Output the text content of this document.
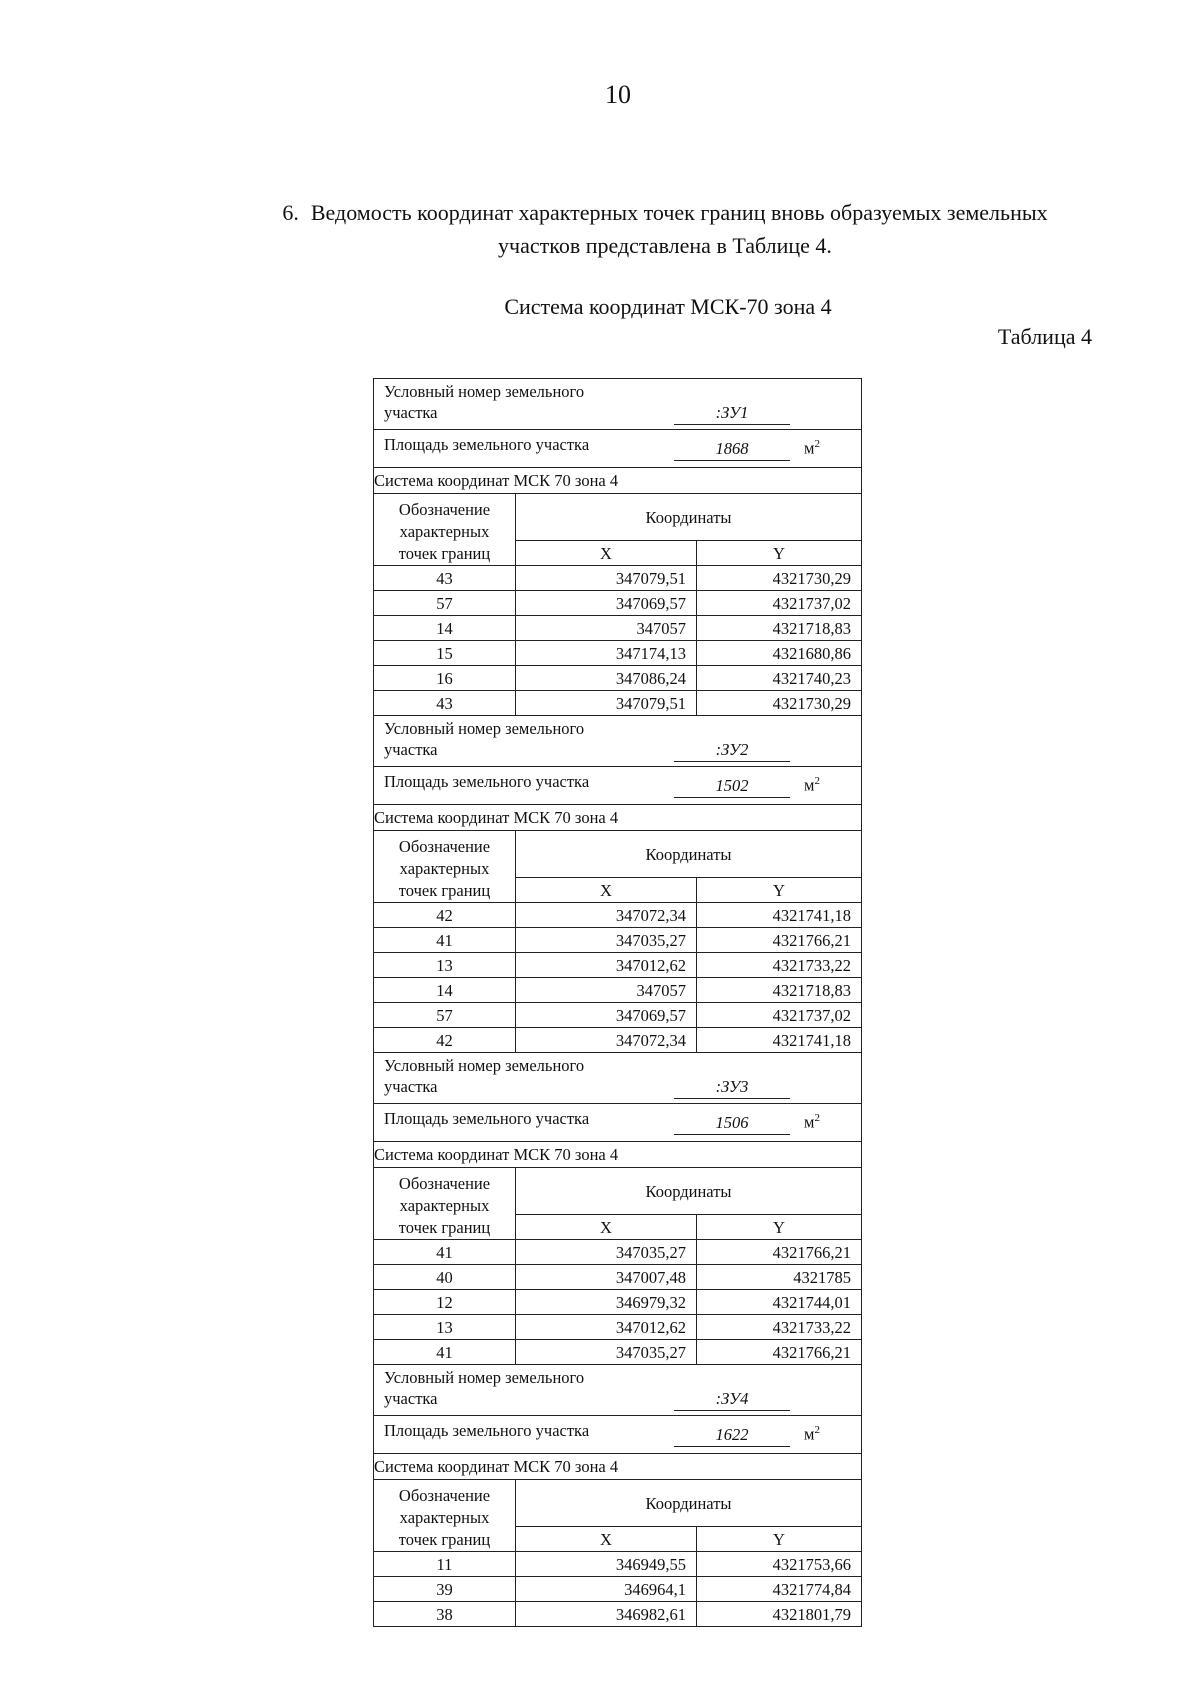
10
6. Ведомость координат характерных точек границ вновь образуемых земельных
участков представлена в Таблице 4.
Система координат МСК-70 зона 4
Таблица 4
Условный номер земельного
участка :ЗУ1		

Площадь земельного участка 1868 $м^2$

Система координат МСК 70 зона 4		
Обозначение
характерных
точек границ	Координаты	
	X	Y
43	347079,51	4321730,29
57	347069,57	4321737,02
14	347057	4321718,83
15	347174,13	4321680,86
16	347086,24	4321740,23
43	347079,51	4321730,29

Условный номер земельного
участка :ЗУ2		

Площадь земельного участка 1502 $м^2$

Система координат МСК 70 зона 4		
Обозначение
характерных
точек границ	Координаты	
	X	Y
42	347072,34	4321741,18
41	347035,27	4321766,21
13	347012,62	4321733,22
14	347057	4321718,83
57	347069,57	4321737,02
42	347072,34	4321741,18

Условный номер земельного
участка :ЗУ3		

Площадь земельного участка 1506 $м^2$

Система координат МСК 70 зона 4		
Обозначение
характерных
точек границ	Координаты	
	X	Y
41	347035,27	4321766,21
40	347007,48	4321785
12	346979,32	4321744,01
13	347012,62	4321733,22
41	347035,27	4321766,21

Условный номер земельного
участка :ЗУ4		

Площадь земельного участка 1622 $м^2$

Система координат МСК 70 зона 4		
Обозначение
характерных
точек границ	Координаты	
	X	Y
11	346949,55	4321753,66
39	346964,1	4321774,84
38	346982,61	4321801,79
